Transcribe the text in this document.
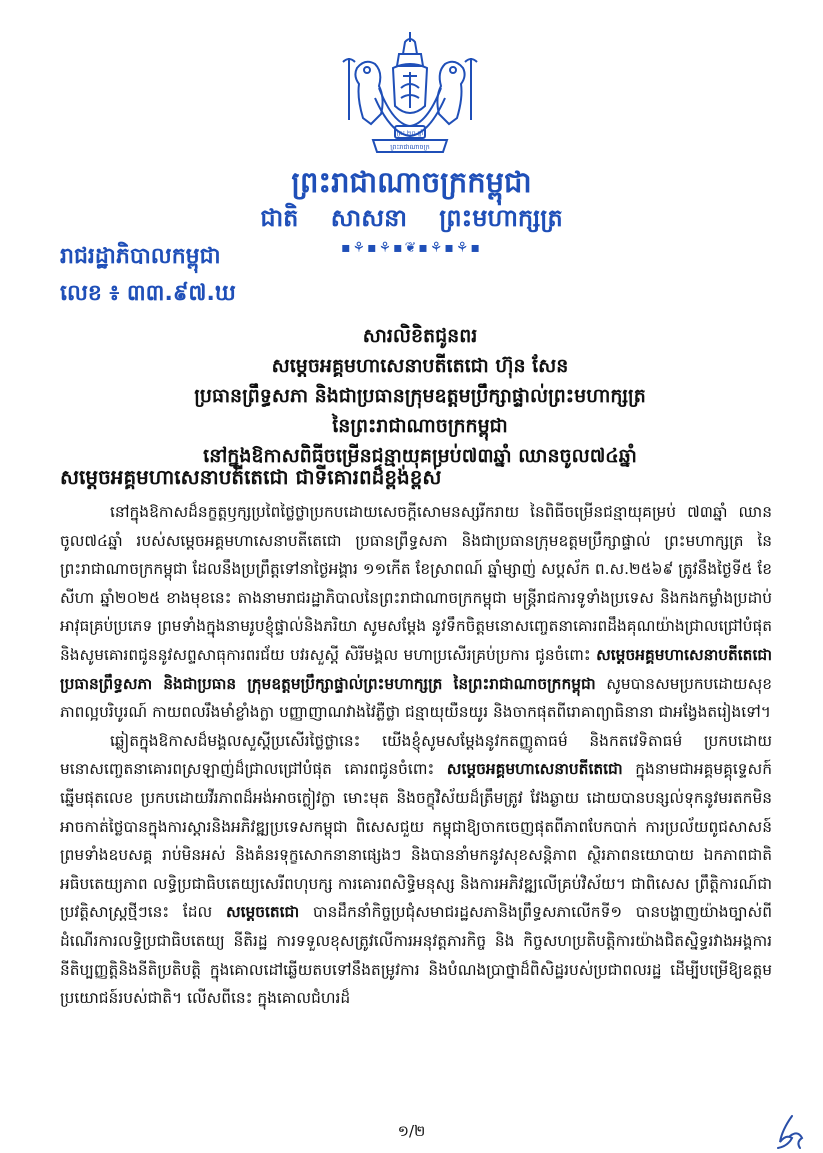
ព្រះរាជាណាចក្រ
ព្រះ ២០ ឆ្នាំ
ព្រះរាជាណាចក្រកម្ពុជា
ជាតិ សាសនា ព្រះមហាក្សត្រ
▪⚘▪⚘▪❦▪⚘▪⚘▪
រាជរដ្ឋាភិបាលកម្ពុជា
លេខ ៖ ៣៣.៩៧.ឃ
សារលិខិតជូនពរ
សម្តេចអគ្គមហាសេនាបតីតេជោ ហ៊ុន សែន
ប្រធានព្រឹទ្ធសភា និងជាប្រធានក្រុមឧត្តមប្រឹក្សាផ្ទាល់ព្រះមហាក្សត្រ
នៃព្រះរាជាណាចក្រកម្ពុជា
នៅក្នុងឱកាសពិធីចម្រើនជន្មាយុគម្រប់៧៣ឆ្នាំ ឈានចូល៧៤ឆ្នាំ
សម្តេចអគ្គមហាសេនាបតីតេជោ ជាទីគោរពដ៏ខ្ពង់ខ្ពស់

នៅក្នុងឱកាសដ៏នក្ខត្តឫក្សប្រពៃថ្លៃថ្លាប្រកបដោយសេចក្តីសោមនស្សរីករាយ នៃពិធីចម្រើនជន្មាយុគម្រប់ ៧៣ឆ្នាំ ឈានចូល៧៤ឆ្នាំ របស់សម្តេចអគ្គមហាសេនាបតីតេជោ ប្រធានព្រឹទ្ធសភា និងជាប្រធានក្រុមឧត្តមប្រឹក្សាផ្ទាល់ ព្រះមហាក្សត្រ នៃព្រះរាជាណាចក្រកម្ពុជា ដែលនឹងប្រព្រឹត្តទៅនាថ្ងៃអង្គារ ១១កើត ខែស្រាពណ៍ ឆ្នាំម្សាញ់ សប្តស័ក ព.ស.២៥៦៩ ត្រូវនឹងថ្ងៃទី៥ ខែសីហា ឆ្នាំ២០២៥ ខាងមុខនេះ តាងនាមរាជរដ្ឋាភិបាលនៃព្រះរាជាណាចក្រកម្ពុជា មន្ត្រីរាជការទូទាំងប្រទេស និងកងកម្លាំងប្រដាប់អាវុធគ្រប់ប្រភេទ ព្រមទាំងក្នុងនាមរូបខ្ញុំផ្ទាល់និងភរិយា សូមសម្តែង នូវទឹកចិត្តមនោសញ្ចេតនាគោរពដឹងគុណយ៉ាងជ្រាលជ្រៅបំផុត និងសូមគោរពជូននូវសព្ទសាធុការពរជ័យ បវរសួស្តី សិរីមង្គល មហាប្រសើរគ្រប់ប្រការ ជូនចំពោះ សម្តេចអគ្គមហាសេនាបតីតេជោ ប្រធានព្រឹទ្ធសភា និងជាប្រធាន ក្រុមឧត្តមប្រឹក្សាផ្ទាល់ព្រះមហាក្សត្រ នៃព្រះរាជាណាចក្រកម្ពុជា សូមបានសមប្រកបដោយសុខភាពល្អបរិបូរណ៍ កាយពលរឹងមាំខ្លាំងក្លា បញ្ញាញាណវាងវៃភ្លឺថ្លា ជន្មាយុយឺនយូរ និងចាកផុតពីរោគាព្យាធិនានា ជាអង្វែងតរៀងទៅ។

ឆ្លៀតក្នុងឱកាសដ៏មង្គលសួស្តីប្រសើរថ្លៃថ្លានេះ យើងខ្ញុំសូមសម្តែងនូវកតញ្ញូតាធម៌ និងកតវេទិតាធម៌ ប្រកបដោយមនោសញ្ចេតនាគោរពស្រឡាញ់ដ៏ជ្រាលជ្រៅបំផុត គោរពជូនចំពោះ សម្តេចអគ្គមហាសេនាបតីតេជោ ក្នុងនាមជាអគ្គមគ្គុទ្ទេសក៍ឆ្នើមផុតលេខ ប្រកបដោយវីរភាពដ៏អង់អាចក្លៀវក្លា មោះមុត និងចក្ខុវិស័យដ៏ត្រឹមត្រូវ វែងឆ្ងាយ ដោយបានបន្សល់ទុកនូវមរតកមិនអាចកាត់ថ្លៃបានក្នុងការស្តារនិងអភិវឌ្ឍប្រទេសកម្ពុជា ពិសេសជួយ កម្ពុជាឱ្យចាកចេញផុតពីភាពបែកបាក់ ការប្រល័យពូជសាសន៍ ព្រមទាំងឧបសគ្គ រាប់មិនអស់ និងគំនរទុក្ខសោកនានាផ្សេងៗ និងបាននាំមកនូវសុខសន្តិភាព ស្ថិរភាពនយោបាយ ឯកភាពជាតិ អធិបតេយ្យភាព លទ្ធិប្រជាធិបតេយ្យសេរីពហុបក្ស ការគោរពសិទ្ធិមនុស្ស និងការអភិវឌ្ឍលើគ្រប់វិស័យ។ ជាពិសេស ព្រឹត្តិការណ៍ជាប្រវត្តិសាស្ត្រថ្មីៗនេះ ដែល សម្តេចតេជោ បានដឹកនាំកិច្ចប្រជុំសមាជរដ្ឋសភានិងព្រឹទ្ធសភាលើកទី១ បានបង្ហាញយ៉ាងច្បាស់ពីដំណើរការលទ្ធិប្រជាធិបតេយ្យ នីតិរដ្ឋ ការទទួលខុសត្រូវលើការអនុវត្តភារកិច្ច និង កិច្ចសហប្រតិបត្តិការយ៉ាងជិតស្និទ្ធរវាងអង្គការនីតិប្បញ្ញត្តិនិងនីតិប្រតិបត្តិ ក្នុងគោលដៅឆ្លើយតបទៅនឹងតម្រូវការ និងបំណងប្រាថ្នាដ៏ពិសិដ្ឋរបស់ប្រជាពលរដ្ឋ ដើម្បីបម្រើឱ្យឧត្តមប្រយោជន៍របស់ជាតិ។ លើសពីនេះ ក្នុងគោលជំហរដ៏

១/២
